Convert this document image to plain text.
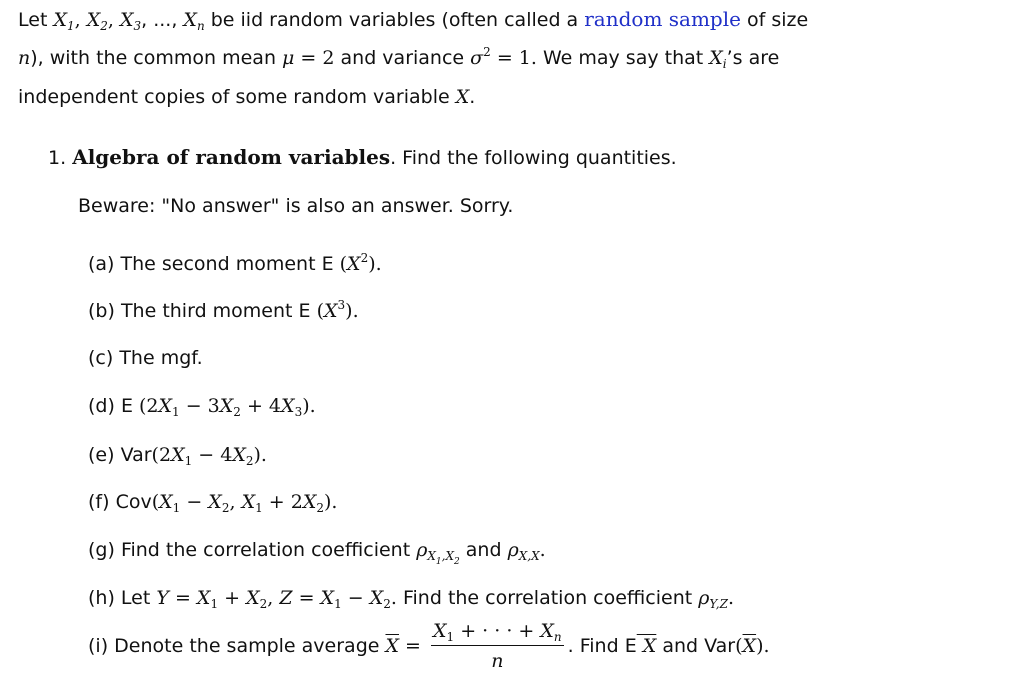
Let $X_1$, $X_2$, $X_3$, ..., $X_n$ be iid random variables (often called a random sample of size
n), with the common mean μ = 2 and variance $\sigma^2 = 1$. We may say that $X_i’s$ are
independent copies of some random variable X.
1. Algebra of random variables. Find the following quantities.
Beware: "No answer" is also an answer. Sorry.
(a) The second moment E $(X^2)$.
(b) The third moment E $(X^3)$.
(c) The mgf.
(d) E $(2X_1 - 3X_2 + 4X_3)$.
(e) $Var(2X_1 - 4X_2)$.
(f) $Cov(X_1 - X_2$, $X_1 + 2X_2$).
(g) Find the correlation coefficient $\rho_{X_1,X_2}$ and $\rho_{X,X}$.
(h) Let $Y = X_1 + X_2$, $Z = X_1 - X_2$. Find the correlation coefficient $\rho_{Y,Z}$.
(i) Denote the sample average $\overline{X} = \frac{X_1 + \cdot \cdot \cdot + X_n}{n}$ . Find E X and $Var(\overline{X})$.
